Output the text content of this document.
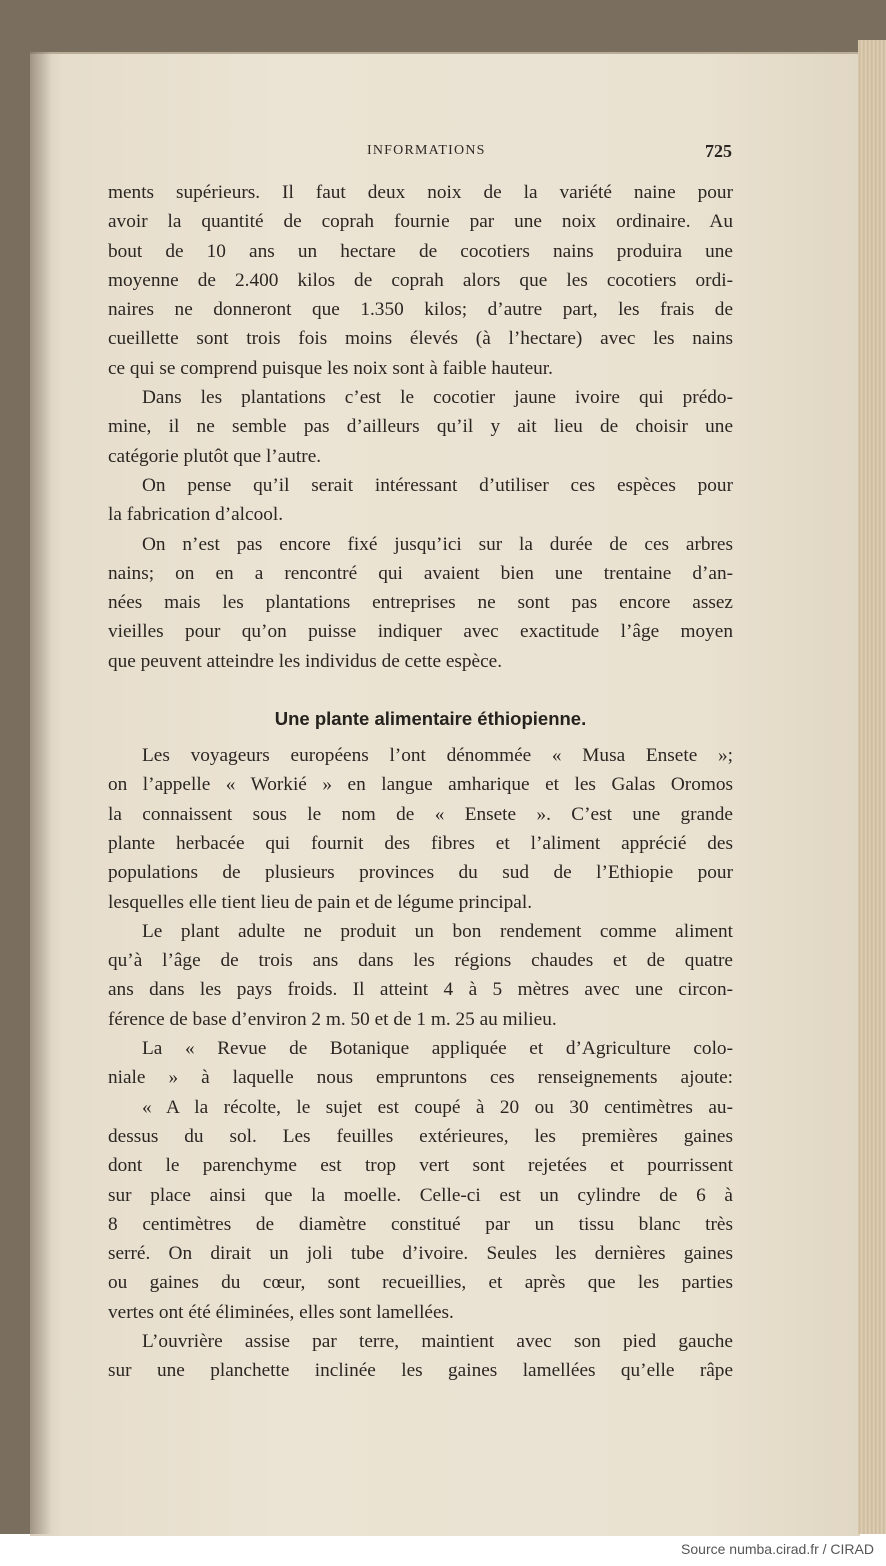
INFORMATIONS	725
ments supérieurs. Il faut deux noix de la variété naine pour
avoir la quantité de coprah fournie par une noix ordinaire. Au
bout de 10 ans un hectare de cocotiers nains produira une
moyenne de 2.400 kilos de coprah alors que les cocotiers ordi-
naires ne donneront que 1.350 kilos; d’autre part, les frais de
cueillette sont trois fois moins élevés (à l’hectare) avec les nains
ce qui se comprend puisque les noix sont à faible hauteur.
Dans les plantations c’est le cocotier jaune ivoire qui prédo-
mine, il ne semble pas d’ailleurs qu’il y ait lieu de choisir une
catégorie plutôt que l’autre.
On pense qu’il serait intéressant d’utiliser ces espèces pour
la fabrication d’alcool.
On n’est pas encore fixé jusqu’ici sur la durée de ces arbres
nains; on en a rencontré qui avaient bien une trentaine d’an-
nées mais les plantations entreprises ne sont pas encore assez
vieilles pour qu’on puisse indiquer avec exactitude l’âge moyen
que peuvent atteindre les individus de cette espèce.
Une plante alimentaire éthiopienne.
Les voyageurs européens l’ont dénommée « Musa Ensete »;
on l’appelle « Workié » en langue amharique et les Galas Oromos
la connaissent sous le nom de « Ensete ». C’est une grande
plante herbacée qui fournit des fibres et l’aliment apprécié des
populations de plusieurs provinces du sud de l’Ethiopie pour
lesquelles elle tient lieu de pain et de légume principal.
Le plant adulte ne produit un bon rendement comme aliment
qu’à l’âge de trois ans dans les régions chaudes et de quatre
ans dans les pays froids. Il atteint 4 à 5 mètres avec une circon-
férence de base d’environ 2 m. 50 et de 1 m. 25 au milieu.
La « Revue de Botanique appliquée et d’Agriculture colo-
niale » à laquelle nous empruntons ces renseignements ajoute:
« A la récolte, le sujet est coupé à 20 ou 30 centimètres au-
dessus du sol. Les feuilles extérieures, les premières gaines
dont le parenchyme est trop vert sont rejetées et pourrissent
sur place ainsi que la moelle. Celle-ci est un cylindre de 6 à
8 centimètres de diamètre constitué par un tissu blanc très
serré. On dirait un joli tube d’ivoire. Seules les dernières gaines
ou gaines du cœur, sont recueillies, et après que les parties
vertes ont été éliminées, elles sont lamellées.
L’ouvrière assise par terre, maintient avec son pied gauche
sur une planchette inclinée les gaines lamellées qu’elle râpe
Source numba.cirad.fr / CIRAD
